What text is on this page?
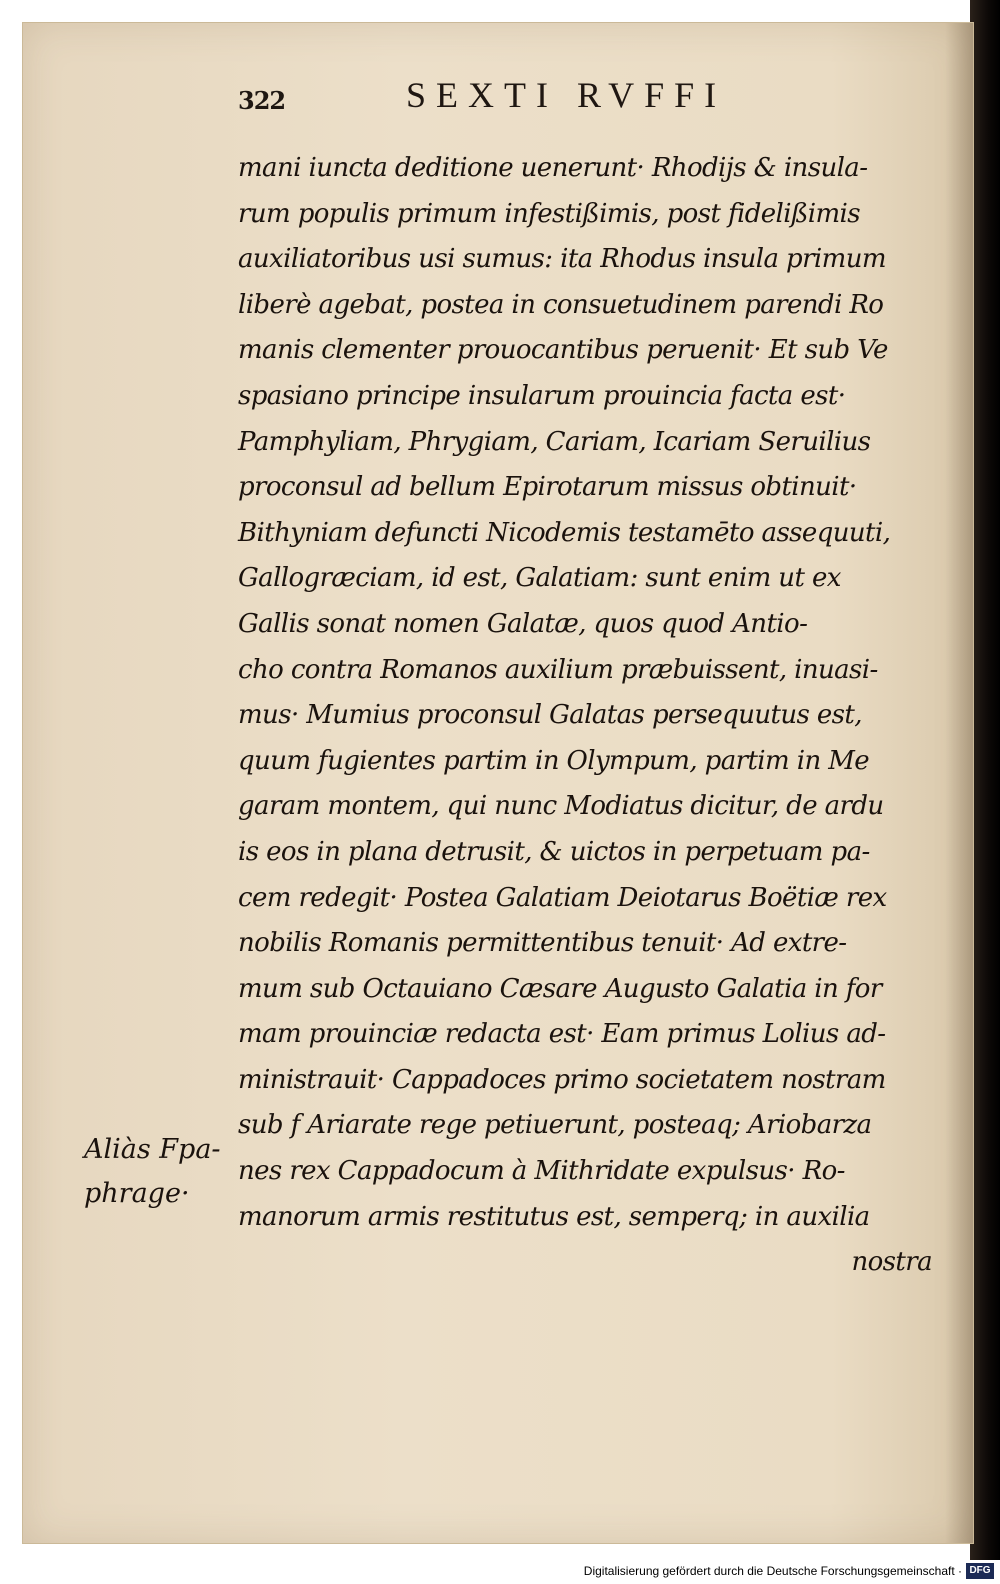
322	SEXTI RVFFI
mani iuncta deditione uenerunt· Rhodijs & insula-
rum populis primum infestißimis, post fidelißimis
auxiliatoribus usi sumus: ita Rhodus insula primum
liberè agebat, postea in consuetudinem parendi Ro
manis clementer prouocantibus peruenit· Et sub Ve
spasiano principe insularum prouincia facta est·
Pamphyliam, Phrygiam, Cariam, Icariam Seruilius
proconsul ad bellum Epirotarum missus obtinuit·
Bithyniam defuncti Nicodemis testamēto assequuti,
Gallogræciam, id est, Galatiam: sunt enim ut ex
Gallis sonat nomen Galatæ, quos quod Antio-
cho contra Romanos auxilium præbuissent, inuasi-
mus· Mumius proconsul Galatas persequutus est,
quum fugientes partim in Olympum, partim in Me
garam montem, qui nunc Modiatus dicitur, de ardu
is eos in plana detrusit, & uictos in perpetuam pa-
cem redegit· Postea Galatiam Deiotarus Boëtiæ rex
nobilis Romanis permittentibus tenuit· Ad extre-
mum sub Octauiano Cæsare Augusto Galatia in for
mam prouinciæ redacta est· Eam primus Lolius ad-
ministrauit· Cappadoces primo societatem nostram
sub f Ariarate rege petiuerunt, posteaq; Ariobarza
nes rex Cappadocum à Mithridate expulsus· Ro-
manorum armis restitutus est, semperq; in auxilia
nostra
Aliàs Fpa-
phrage·
Digitalisierung gefördert durch die Deutsche Forschungsgemeinschaft · DFG
